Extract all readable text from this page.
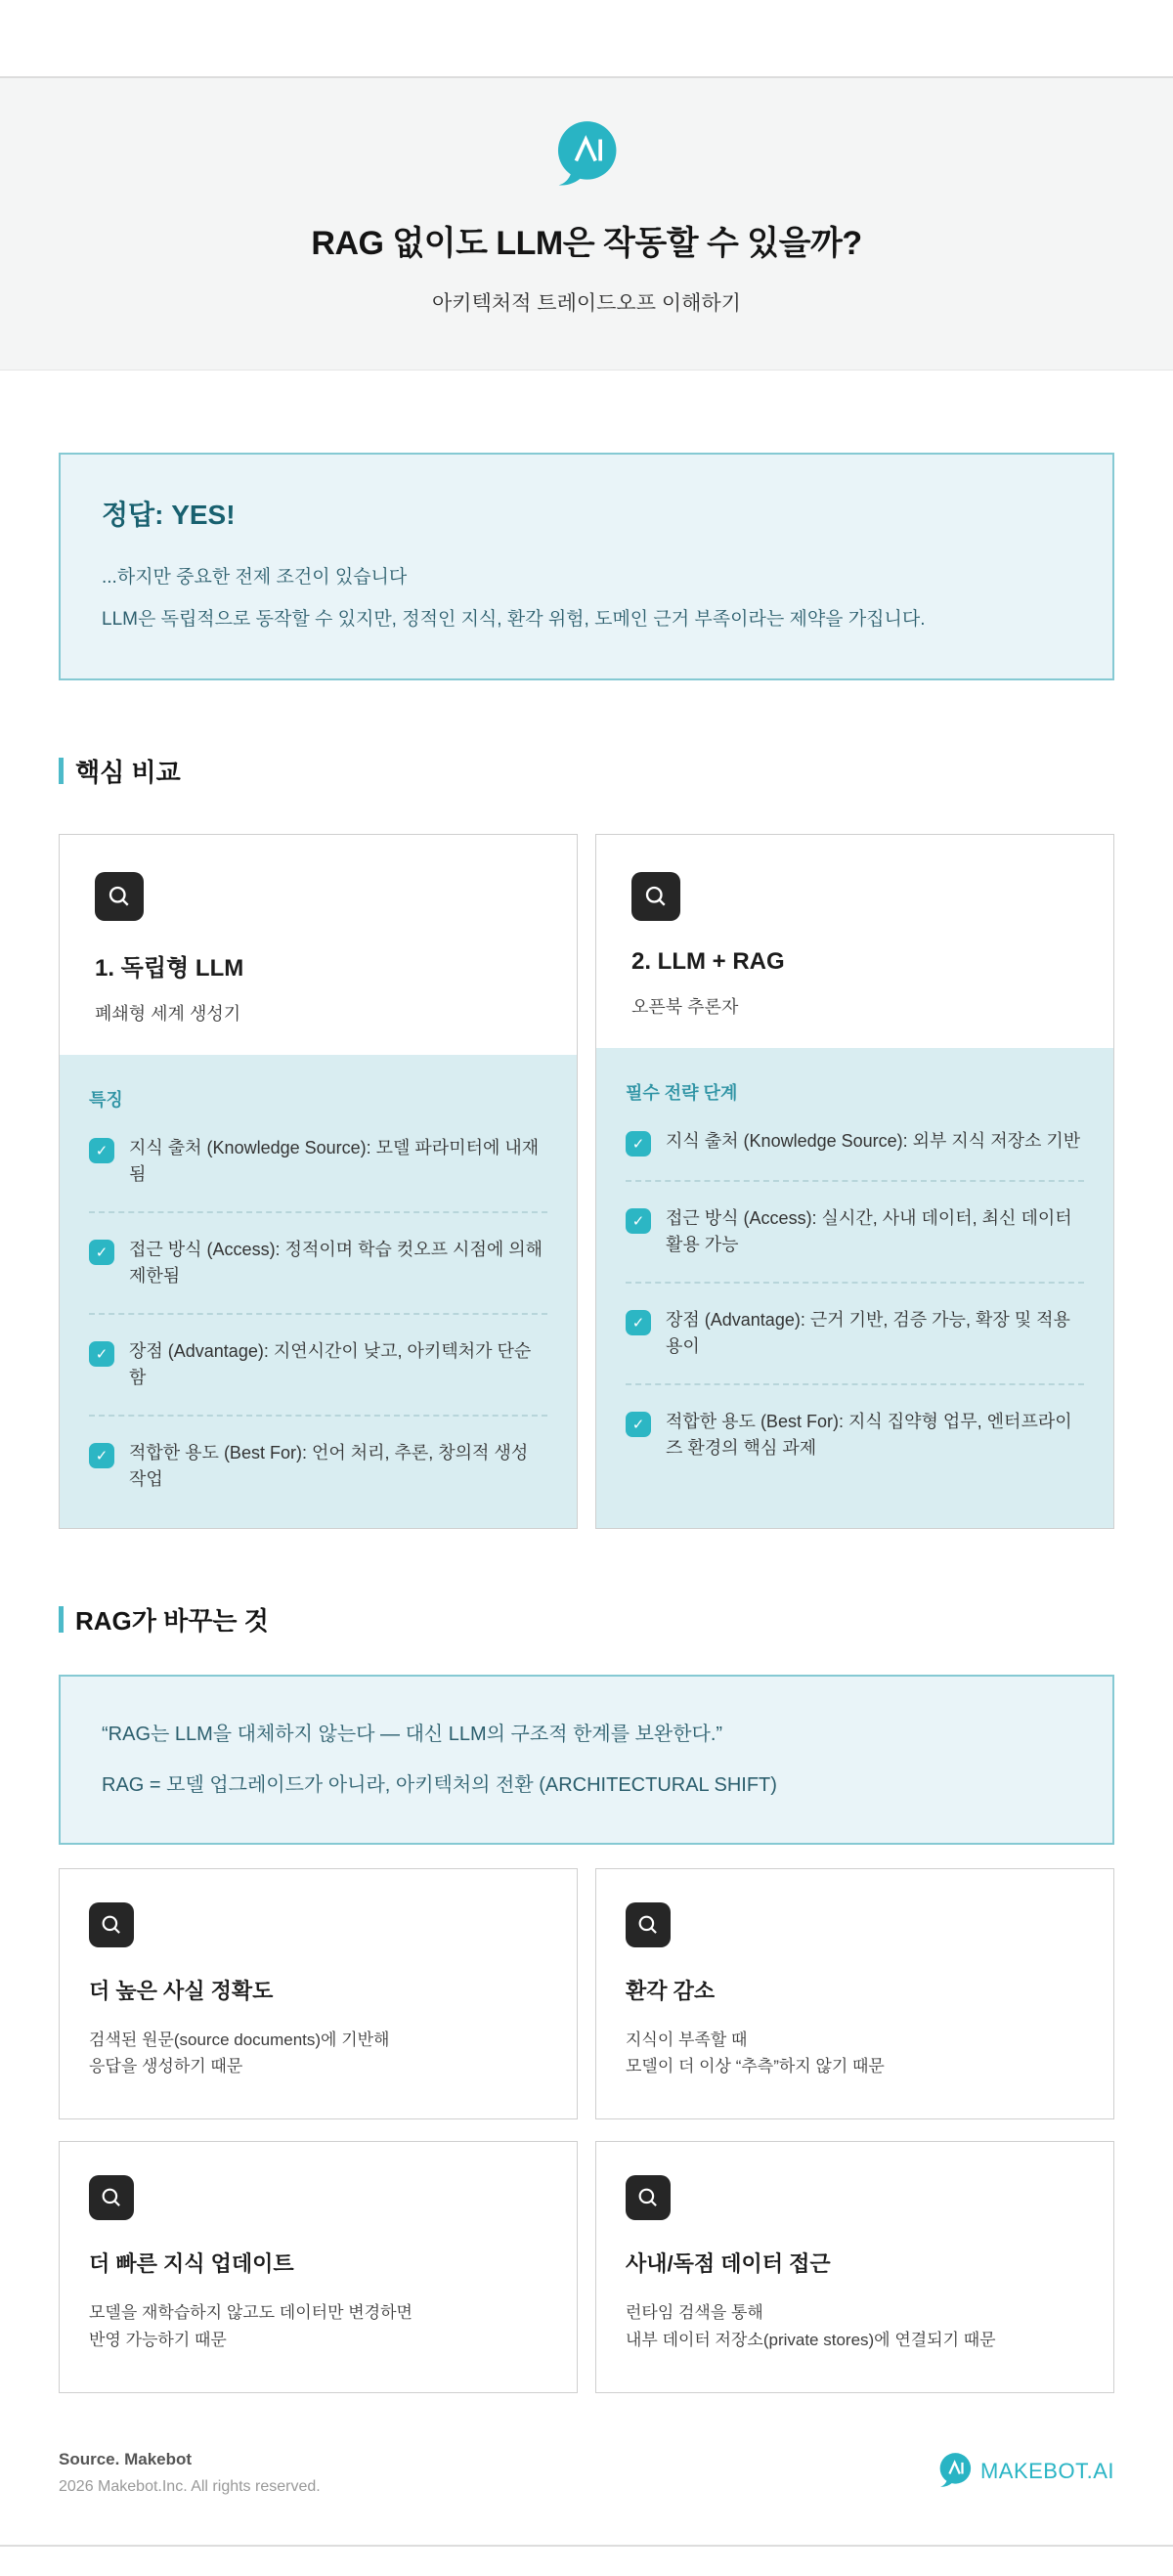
RAG 없이도 LLM은 작동할 수 있을까?
아키텍처적 트레이드오프 이해하기
정답: YES!
...하지만 중요한 전제 조건이 있습니다
LLM은 독립적으로 동작할 수 있지만, 정적인 지식, 환각 위험, 도메인 근거 부족이라는 제약을 가집니다.
핵심 비교
1. 독립형 LLM
폐쇄형 세계 생성기
특징
✓ 지식 출처 (Knowledge Source): 모델 파라미터에 내재됨
✓ 접근 방식 (Access): 정적이며 학습 컷오프 시점에 의해 제한됨
✓ 장점 (Advantage): 지연시간이 낮고, 아키텍처가 단순함
✓ 적합한 용도 (Best For): 언어 처리, 추론, 창의적 생성 작업
2. LLM + RAG
오픈북 추론자
필수 전략 단계
✓ 지식 출처 (Knowledge Source): 외부 지식 저장소 기반
✓ 접근 방식 (Access): 실시간, 사내 데이터, 최신 데이터 활용 가능
✓ 장점 (Advantage): 근거 기반, 검증 가능, 확장 및 적용 용이
✓ 적합한 용도 (Best For): 지식 집약형 업무, 엔터프라이즈 환경의 핵심 과제
RAG가 바꾸는 것
“RAG는 LLM을 대체하지 않는다 — 대신 LLM의 구조적 한계를 보완한다.”
RAG = 모델 업그레이드가 아니라, 아키텍처의 전환 (ARCHITECTURAL SHIFT)
더 높은 사실 정확도
검색된 원문(source documents)에 기반해
응답을 생성하기 때문
환각 감소
지식이 부족할 때
모델이 더 이상 “추측”하지 않기 때문
더 빠른 지식 업데이트
모델을 재학습하지 않고도 데이터만 변경하면
반영 가능하기 때문
사내/독점 데이터 접근
런타임 검색을 통해
내부 데이터 저장소(private stores)에 연결되기 때문
Source. Makebot
2026 Makebot.Inc. All rights reserved.
MAKEBOT.AI
